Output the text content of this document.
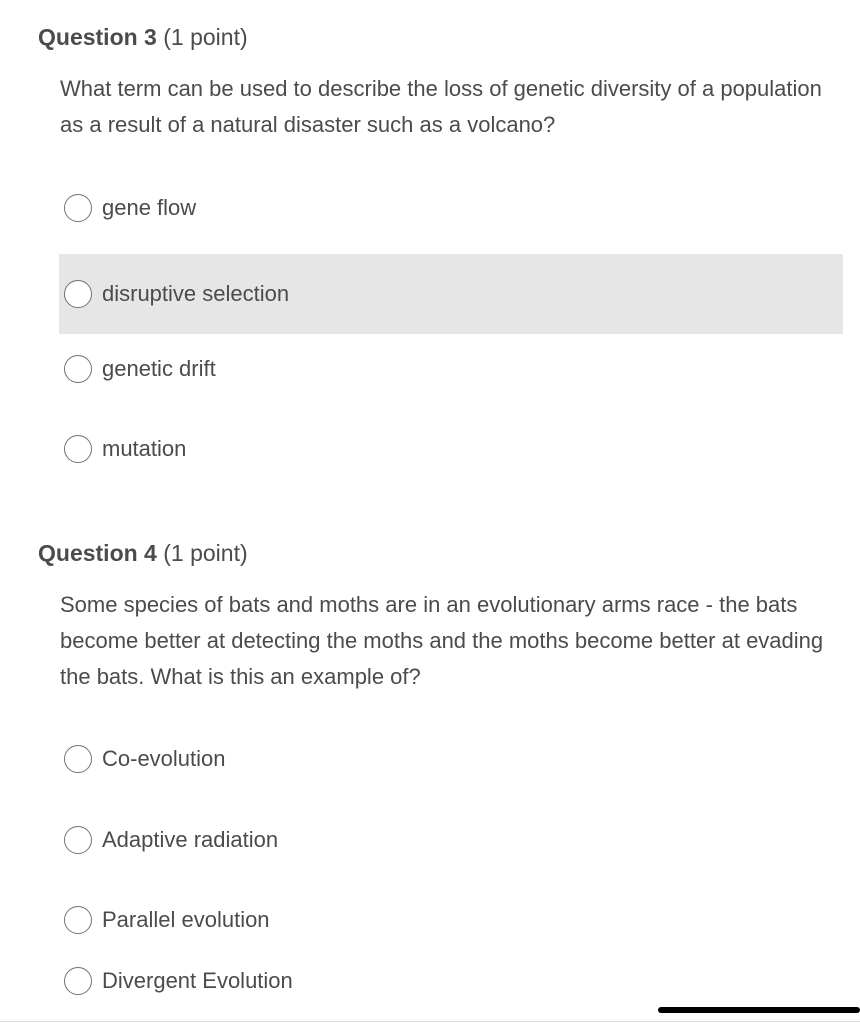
Question 3 (1 point)
What term can be used to describe the loss of genetic diversity of a population as a result of a natural disaster such as a volcano?
gene flow
disruptive selection
genetic drift
mutation
Question 4 (1 point)
Some species of bats and moths are in an evolutionary arms race - the bats become better at detecting the moths and the moths become better at evading the bats. What is this an example of?
Co-evolution
Adaptive radiation
Parallel evolution
Divergent Evolution
